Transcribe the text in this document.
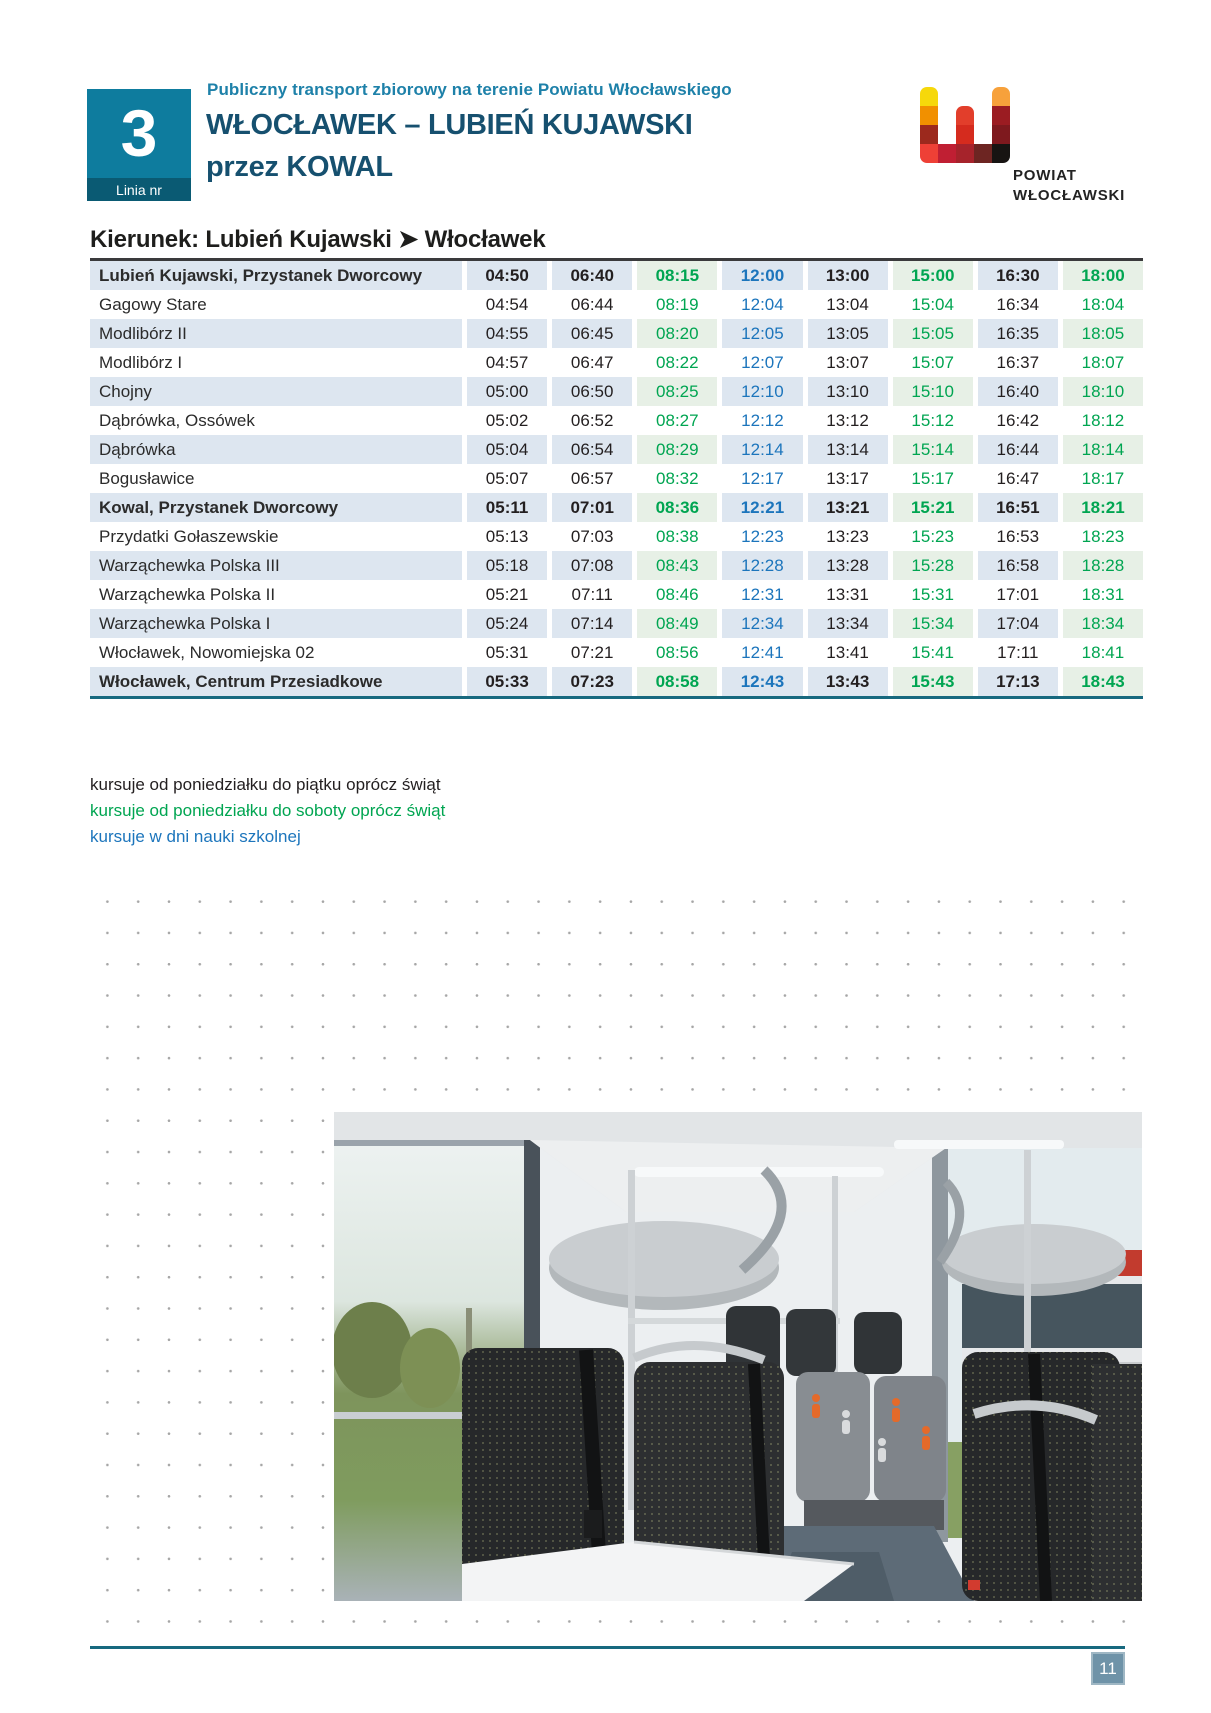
3
Linia nr
Publiczny transport zbiorowy na terenie Powiatu Włocławskiego
WŁOCŁAWEK – LUBIEŃ KUJAWSKI
przez KOWAL	POWIAT
WŁOCŁAWSKI
Kierunek: Lubień Kujawski ➤ Włocławek
Lubień Kujawski, Przystanek Dworcowy	04:50	06:40	08:15	12:00	13:00	15:00	16:30	18:00
Gagowy Stare	04:54	06:44	08:19	12:04	13:04	15:04	16:34	18:04
Modlibórz II	04:55	06:45	08:20	12:05	13:05	15:05	16:35	18:05
Modlibórz I	04:57	06:47	08:22	12:07	13:07	15:07	16:37	18:07
Chojny	05:00	06:50	08:25	12:10	13:10	15:10	16:40	18:10
Dąbrówka, Ossówek	05:02	06:52	08:27	12:12	13:12	15:12	16:42	18:12
Dąbrówka	05:04	06:54	08:29	12:14	13:14	15:14	16:44	18:14
Bogusławice	05:07	06:57	08:32	12:17	13:17	15:17	16:47	18:17
Kowal, Przystanek Dworcowy	05:11	07:01	08:36	12:21	13:21	15:21	16:51	18:21
Przydatki Gołaszewskie	05:13	07:03	08:38	12:23	13:23	15:23	16:53	18:23
Warząchewka Polska III	05:18	07:08	08:43	12:28	13:28	15:28	16:58	18:28
Warząchewka Polska II	05:21	07:11	08:46	12:31	13:31	15:31	17:01	18:31
Warząchewka Polska I	05:24	07:14	08:49	12:34	13:34	15:34	17:04	18:34
Włocławek, Nowomiejska 02	05:31	07:21	08:56	12:41	13:41	15:41	17:11	18:41
Włocławek, Centrum Przesiadkowe	05:33	07:23	08:58	12:43	13:43	15:43	17:13	18:43
kursuje od poniedziałku do piątku oprócz świąt
kursuje od poniedziałku do soboty oprócz świąt
kursuje w dni nauki szkolnej
11
